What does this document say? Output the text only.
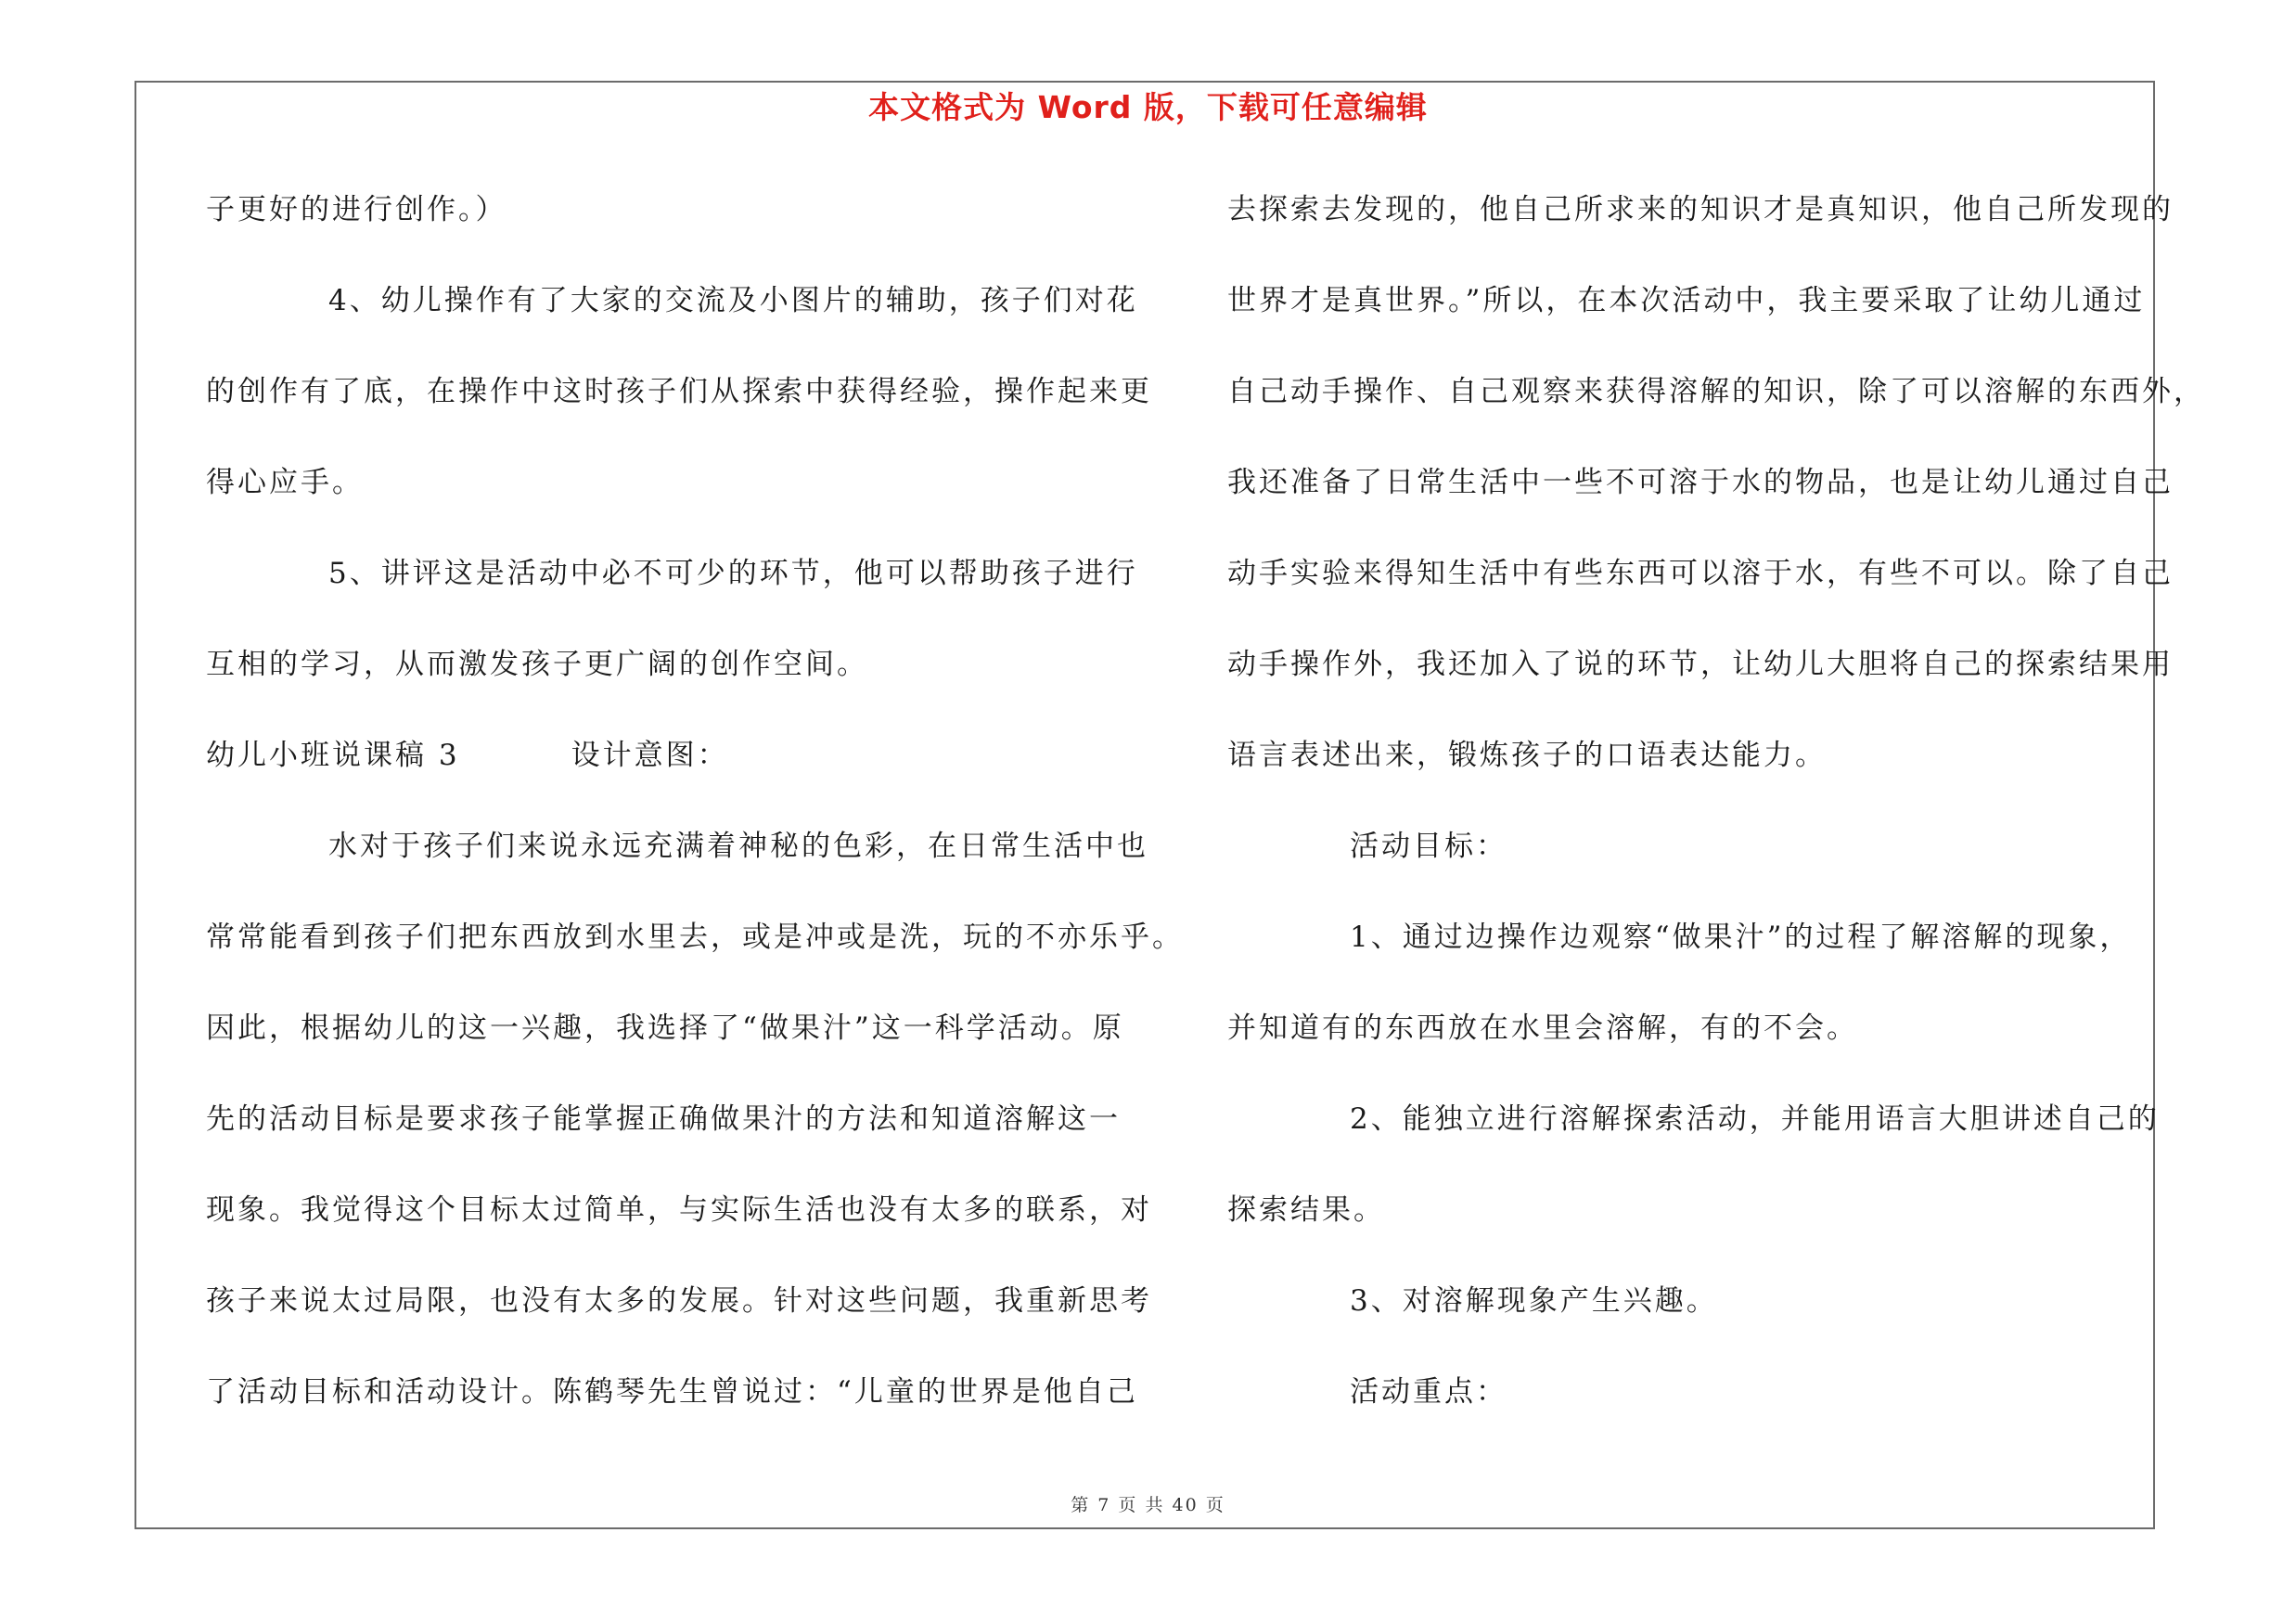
本文格式为 Word 版，下载可任意编辑
子更好的进行创作。）
4、幼儿操作有了大家的交流及小图片的辅助，孩子们对花
的创作有了底，在操作中这时孩子们从探索中获得经验，操作起来更
得心应手。
5、讲评这是活动中必不可少的环节，他可以帮助孩子进行
互相的学习，从而激发孩子更广阔的创作空间。
幼儿小班说课稿 3	设计意图：
水对于孩子们来说永远充满着神秘的色彩，在日常生活中也
常常能看到孩子们把东西放到水里去，或是冲或是洗，玩的不亦乐乎。
因此，根据幼儿的这一兴趣，我选择了“做果汁”这一科学活动。原
先的活动目标是要求孩子能掌握正确做果汁的方法和知道溶解这一
现象。我觉得这个目标太过简单，与实际生活也没有太多的联系，对
孩子来说太过局限，也没有太多的发展。针对这些问题，我重新思考
了活动目标和活动设计。陈鹤琴先生曾说过：“儿童的世界是他自己
去探索去发现的，他自己所求来的知识才是真知识，他自己所发现的
世界才是真世界。”所以，在本次活动中，我主要采取了让幼儿通过
自己动手操作、自己观察来获得溶解的知识，除了可以溶解的东西外，
我还准备了日常生活中一些不可溶于水的物品，也是让幼儿通过自己
动手实验来得知生活中有些东西可以溶于水，有些不可以。除了自己
动手操作外，我还加入了说的环节，让幼儿大胆将自己的探索结果用
语言表述出来，锻炼孩子的口语表达能力。
活动目标：
1、通过边操作边观察“做果汁”的过程了解溶解的现象，
并知道有的东西放在水里会溶解，有的不会。
2、能独立进行溶解探索活动，并能用语言大胆讲述自己的
探索结果。
3、对溶解现象产生兴趣。
活动重点：
第 7 页 共 40 页
